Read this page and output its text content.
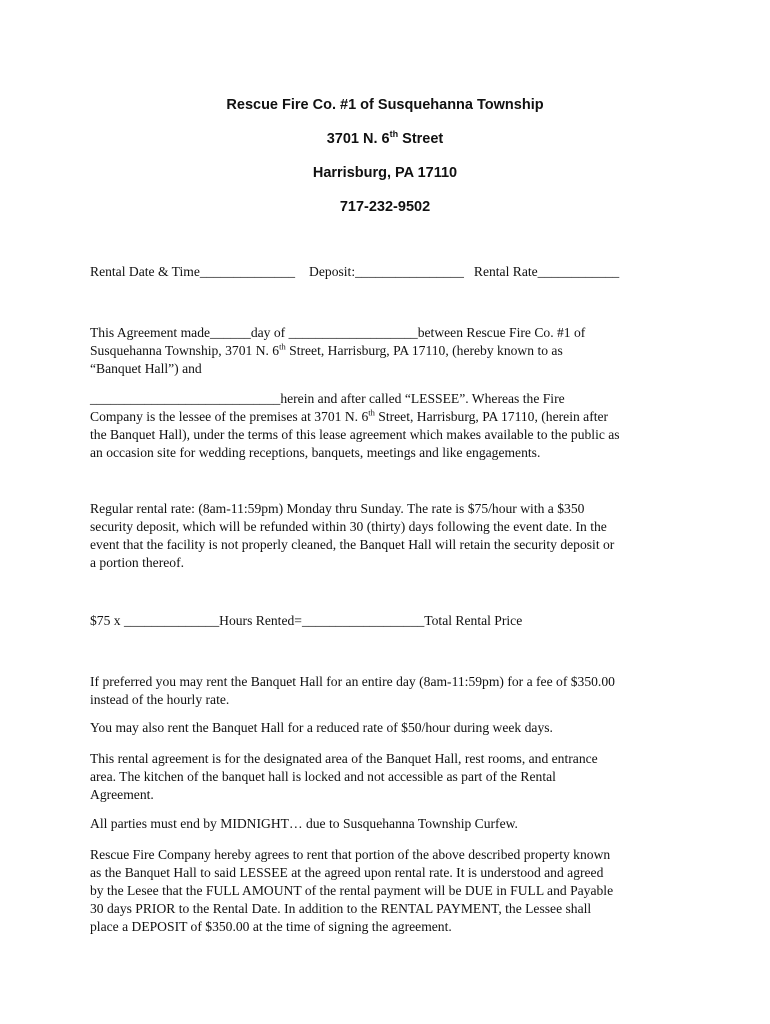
Rescue Fire Co. #1 of Susquehanna Township
3701 N. 6th Street
Harrisburg, PA 17110
717-232-9502
Rental Date & Time______________ Deposit:________________ Rental Rate____________

This Agreement made______day of ___________________between Rescue Fire Co. #1 of

Susquehanna Township, 3701 N. 6th Street, Harrisburg, PA 17110, (hereby known to as

“Banquet Hall”) and

____________________________herein and after called “LESSEE”. Whereas the Fire

Company is the lessee of the premises at 3701 N. 6th Street, Harrisburg, PA 17110, (herein after

the Banquet Hall), under the terms of this lease agreement which makes available to the public as

an occasion site for wedding receptions, banquets, meetings and like engagements.

Regular rental rate: (8am-11:59pm) Monday thru Sunday. The rate is $75/hour with a $350

security deposit, which will be refunded within 30 (thirty) days following the event date. In the

event that the facility is not properly cleaned, the Banquet Hall will retain the security deposit or

a portion thereof.

$75 x ______________Hours Rented=__________________Total Rental Price

If preferred you may rent the Banquet Hall for an entire day (8am-11:59pm) for a fee of $350.00

instead of the hourly rate.

You may also rent the Banquet Hall for a reduced rate of $50/hour during week days.

This rental agreement is for the designated area of the Banquet Hall, rest rooms, and entrance

area. The kitchen of the banquet hall is locked and not accessible as part of the Rental

Agreement.

All parties must end by MIDNIGHT… due to Susquehanna Township Curfew.

Rescue Fire Company hereby agrees to rent that portion of the above described property known

as the Banquet Hall to said LESSEE at the agreed upon rental rate. It is understood and agreed

by the Lesee that the FULL AMOUNT of the rental payment will be DUE in FULL and Payable

30 days PRIOR to the Rental Date. In addition to the RENTAL PAYMENT, the Lessee shall

place a DEPOSIT of $350.00 at the time of signing the agreement.
